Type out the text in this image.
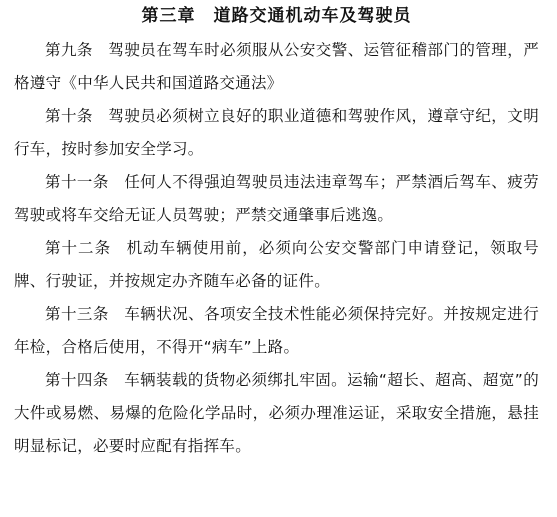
第三章　道路交通机动车及驾驶员

第九条 驾驶员在驾车时必须服从公安交警、运管征稽部门的管理，严格遵守《中华人民共和国道路交通法》

第十条 驾驶员必须树立良好的职业道德和驾驶作风，遵章守纪，文明行车，按时参加安全学习。

第十一条 任何人不得强迫驾驶员违法违章驾车；严禁酒后驾车、疲劳驾驶或将车交给无证人员驾驶；严禁交通肇事后逃逸。

第十二条 机动车辆使用前，必须向公安交警部门申请登记，领取号牌、行驶证，并按规定办齐随车必备的证件。

第十三条 车辆状况、各项安全技术性能必须保持完好。并按规定进行年检，合格后使用，不得开“病车”上路。

第十四条 车辆装载的货物必须绑扎牢固。运输“超长、超高、超宽”的大件或易燃、易爆的危险化学品时，必须办理准运证，采取安全措施，悬挂明显标记，必要时应配有指挥车。
